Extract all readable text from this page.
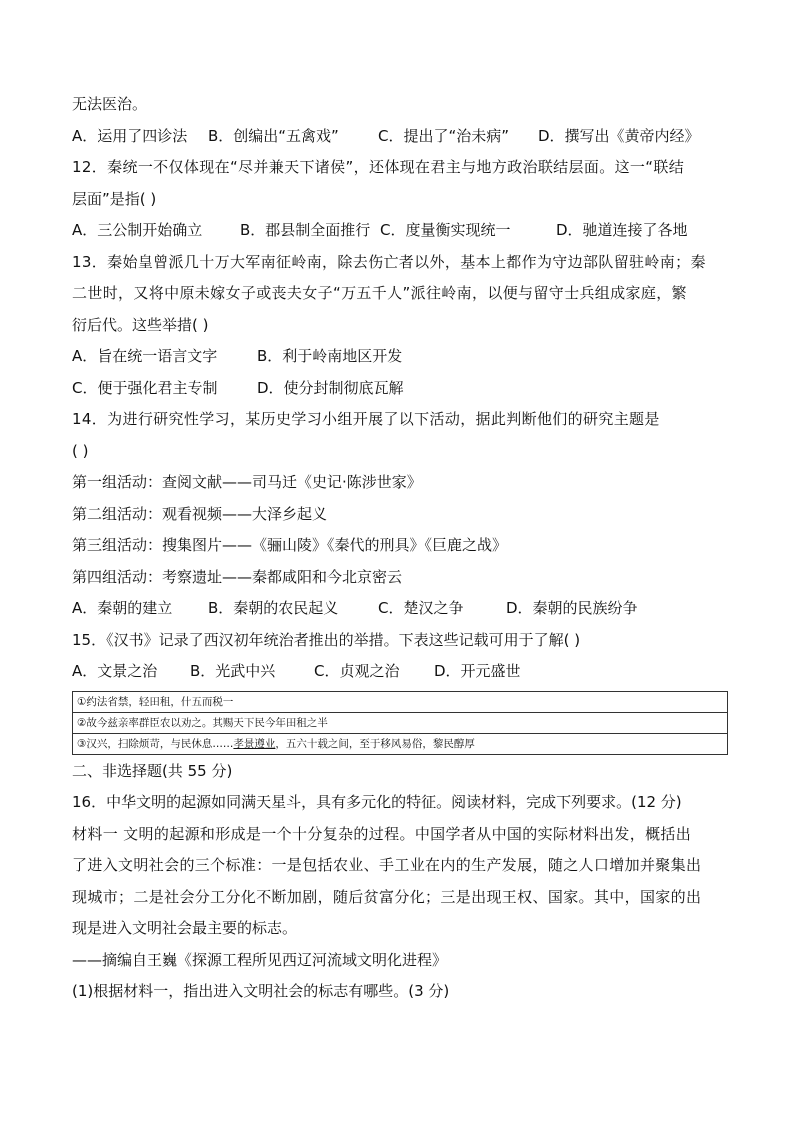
无法医治。
A．运用了四诊法 B．创编出“五禽戏”	C．提出了“治未病” D．撰写出《黄帝内经》
12．秦统一不仅体现在“尽并兼天下诸侯”，还体现在君主与地方政治联结层面。这一“联结
层面”是指( )
A．三公制开始确立	B．郡县制全面推行 C．度量衡实现统一	D．驰道连接了各地
13．秦始皇曾派几十万大军南征岭南，除去伤亡者以外，基本上都作为守边部队留驻岭南；秦
二世时，又将中原未嫁女子或丧夫女子“万五千人”派往岭南，以便与留守士兵组成家庭，繁
衍后代。这些举措( )
A．旨在统一语言文字	B．利于岭南地区开发
C．便于强化君主专制	D．使分封制彻底瓦解
14．为进行研究性学习，某历史学习小组开展了以下活动，据此判断他们的研究主题是
( )
第一组活动：查阅文献——司马迁《史记·陈涉世家》
第二组活动：观看视频——大泽乡起义
第三组活动：搜集图片——《骊山陵》《秦代的刑具》《巨鹿之战》
第四组活动：考察遗址——秦都咸阳和今北京密云
A．秦朝的建立 B．秦朝的农民起义	C．楚汉之争	D．秦朝的民族纷争
15．《汉书》记录了西汉初年统治者推出的举措。下表这些记载可用于了解( )
A．文景之治 B．光武中兴	C．贞观之治 D．开元盛世
①约法省禁，轻田租，什五而税一
②故今兹亲率群臣农以劝之。其赐天下民今年田租之半
③汉兴，扫除烦苛，与民休息……孝景遵业，五六十载之间，至于移风易俗，黎民醇厚
二、非选择题(共 55 分)
16．中华文明的起源如同满天星斗，具有多元化的特征。阅读材料，完成下列要求。(12 分)
材料一 文明的起源和形成是一个十分复杂的过程。中国学者从中国的实际材料出发，概括出
了进入文明社会的三个标准：一是包括农业、手工业在内的生产发展，随之人口增加并聚集出
现城市；二是社会分工分化不断加剧，随后贫富分化；三是出现王权、国家。其中，国家的出
现是进入文明社会最主要的标志。
——摘编自王巍《探源工程所见西辽河流域文明化进程》
(1)根据材料一，指出进入文明社会的标志有哪些。(3 分)
